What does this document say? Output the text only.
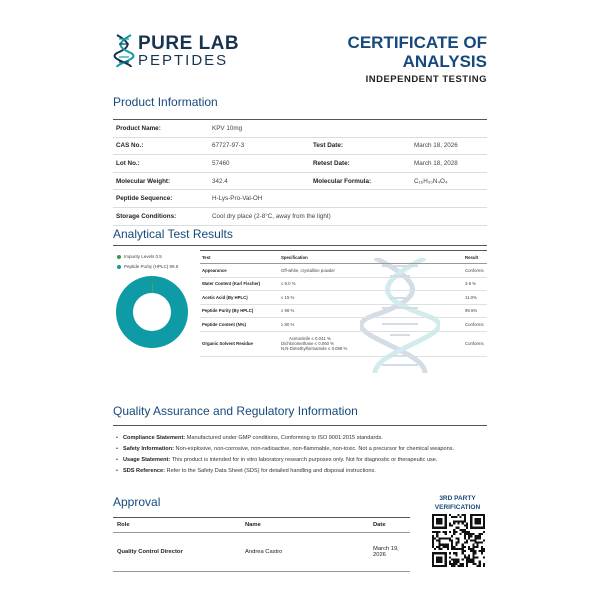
PURE LAB
PEPTIDES
CERTIFICATE OF
ANALYSIS
INDEPENDENT TESTING
Product Information
Product Name:	KPV 10mg		
CAS No.:	67727-97-3	Test Date:	March 18, 2026
Lot No.:	57460	Retest Date:	March 18, 2028
Molecular Weight:	342.4	Molecular Formula:	C₁₆H₃₀N₄O₄
Peptide Sequence:	H-Lys-Pro-Val-OH		
Storage Conditions:	Cool dry place (2-8°C, away from the light)		
Analytical Test Results
Impurity Levels 0.5
Peptide Purity (HPLC) 99.5
Test	Specification	Result
Appearance	Off-white, crystalline powder	Conforms
Water Content (Karl Fischer)	≤ 8.0 %	3.9 %
Acetic Acid (By HPLC)	≤ 15 %	11.0%
Peptide Purity (By HPLC)	≥ 98 %	99.5%
Peptide Content (N%)	≥ 80 %	Conforms
Organic Solvent Residue	Acetonitrile ≤ 0.041 %
Dichloromethane ≤ 0.060 %
N,N-Dimethylformamide ≤ 0.088 %	Conforms
Quality Assurance and Regulatory Information
• Compliance Statement: Manufactured under GMP conditions, Conforming to ISO 9001:2015 standards.
• Safety Information: Non-explosive, non-corrosive, non-radioactive, non-flammable, non-toxic. Not a precursor for chemical weapons.
• Usage Statement: This product is intended for in vitro laboratory research purposes only. Not for diagnostic or therapeutic use.
• SDS Reference: Refer to the Safety Data Sheet (SDS) for detailed handling and disposal instructions.
Approval
Role	Name	Date
Quality Control Director	Andrea Castro	March 19, 2026
3RD PARTY
VERIFICATION
